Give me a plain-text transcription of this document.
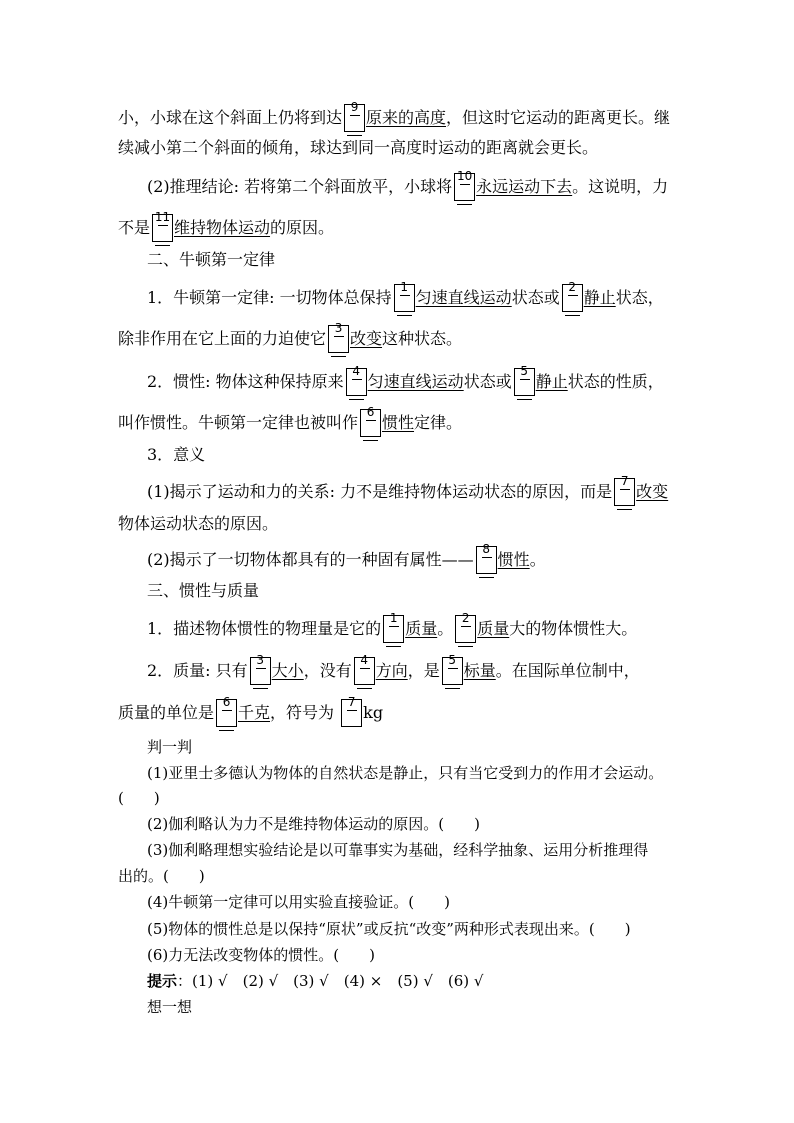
小，小球在这个斜面上仍将到达
9
原来的高度，但这时它运动的距离更长。继
续减小第二个斜面的倾角，球达到同一高度时运动的距离就会更长。
(2)推理结论: 若将第二个斜面放平，小球将
10
永远运动下去。这说明，力
不是
11
维持物体运动的原因。
二、牛顿第一定律
1．牛顿第一定律: 一切物体总保持
1
匀速直线运动状态或
2
静止状态，
除非作用在它上面的力迫使它
3
改变这种状态。
2．惯性: 物体这种保持原来
4
匀速直线运动状态或
5
静止状态的性质，
叫作惯性。牛顿第一定律也被叫作
6
惯性定律。
3．意义
(1)揭示了运动和力的关系: 力不是维持物体运动状态的原因，而是
7
改变
物体运动状态的原因。
(2)揭示了一切物体都具有的一种固有属性——
8
惯性。
三、惯性与质量
1．描述物体惯性的物理量是它的
1
质量。
2
质量大的物体惯性大。
2．质量: 只有
3
大小，没有
4
方向，是
5
标量。在国际单位制中，
质量的单位是
6
千克，符号为
7
kg
判一判
(1)亚里士多德认为物体的自然状态是静止，只有当它受到力的作用才会运动。
(　　)
(2)伽利略认为力不是维持物体运动的原因。(　　)
(3)伽利略理想实验结论是以可靠事实为基础，经科学抽象、运用分析推理得
出的。(　　)
(4)牛顿第一定律可以用实验直接验证。(　　)
(5)物体的惯性总是以保持“原状”或反抗“改变”两种形式表现出来。(　　)
(6)力无法改变物体的惯性。(　　)
提示：(1) √　(2) √　(3) √　(4) ×　(5) √　(6) √
想一想
